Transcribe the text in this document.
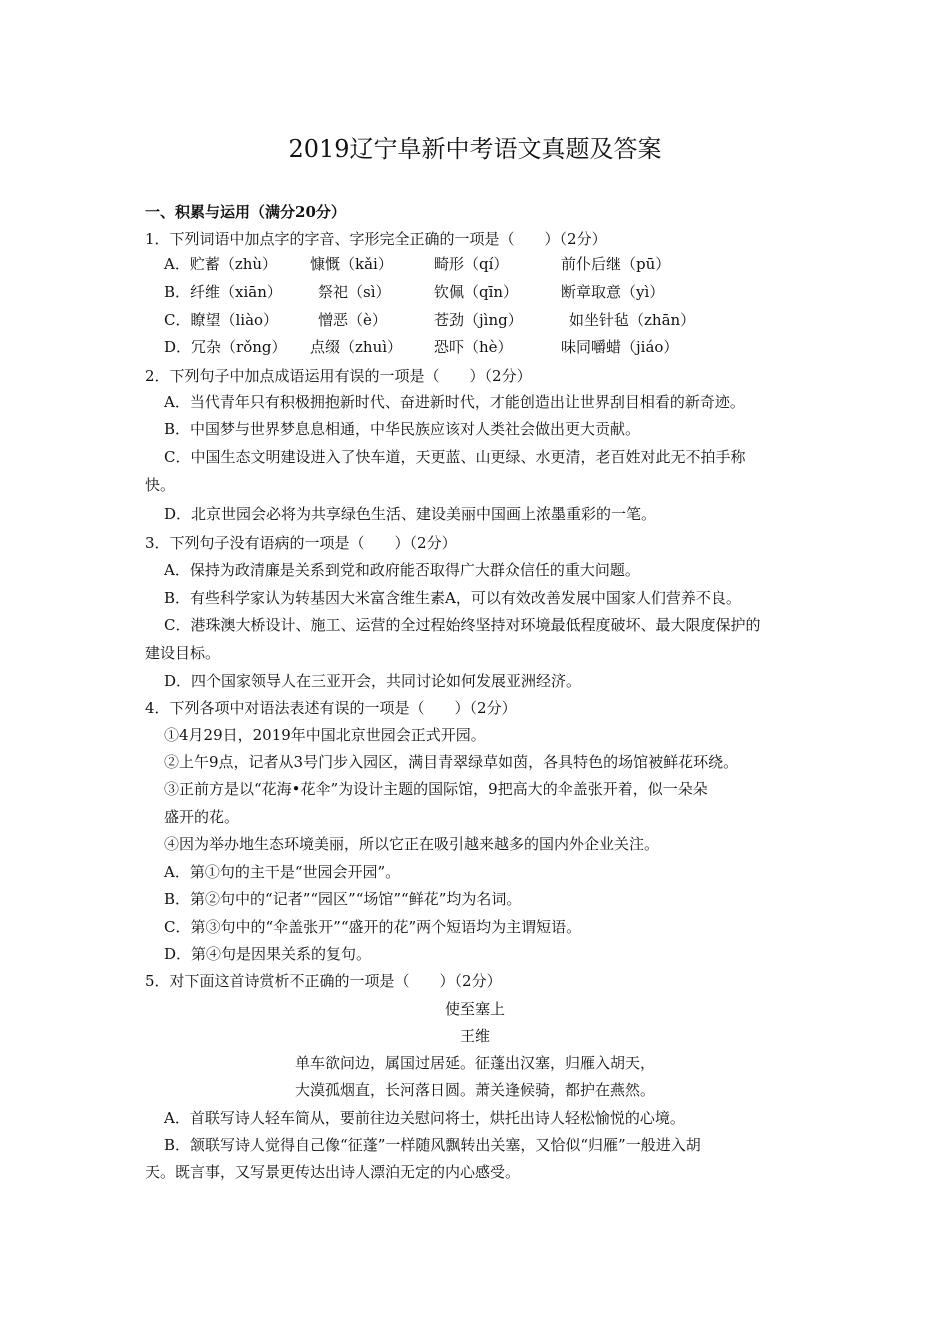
2019辽宁阜新中考语文真题及答案
一、积累与运用（满分20分）
1．下列词语中加点字的字音、字形完全正确的一项是（　　）（2分）
A．贮蓄（zhù） 慷慨（kǎi）	畸形（qí）	前仆后继（pū）
B．纤维（xiān） 祭祀（sì）	钦佩（qīn）	断章取意（yì）
C．瞭望（liào）	憎恶（è）	苍劲（jìng）	如坐针毡（zhān）
D．冗杂（rǒng） 点缀（zhuì） 恐吓（hè）	味同嚼蜡（jiáo）
2．下列句子中加点成语运用有误的一项是（　　）（2分）
A．当代青年只有积极拥抱新时代、奋进新时代，才能创造出让世界刮目相看的新奇迹。
B．中国梦与世界梦息息相通，中华民族应该对人类社会做出更大贡献。
C．中国生态文明建设进入了快车道，天更蓝、山更绿、水更清，老百姓对此无不拍手称
快。
D．北京世园会必将为共享绿色生活、建设美丽中国画上浓墨重彩的一笔。
3．下列句子没有语病的一项是（　　）（2分）
A．保持为政清廉是关系到党和政府能否取得广大群众信任的重大问题。
B．有些科学家认为转基因大米富含维生素A，可以有效改善发展中国家人们营养不良。
C．港珠澳大桥设计、施工、运营的全过程始终坚持对环境最低程度破坏、最大限度保护的
建设目标。
D．四个国家领导人在三亚开会，共同讨论如何发展亚洲经济。
4．下列各项中对语法表述有误的一项是（　　）（2分）
①4月29日，2019年中国北京世园会正式开园。
②上午9点，记者从3号门步入园区，满目青翠绿草如茵，各具特色的场馆被鲜花环绕。
③正前方是以“花海•花伞”为设计主题的国际馆，9把高大的伞盖张开着，似一朵朵
盛开的花。
④因为举办地生态环境美丽，所以它正在吸引越来越多的国内外企业关注。
A．第①句的主干是“世园会开园”。
B．第②句中的“记者”“园区”“场馆”“鲜花”均为名词。
C．第③句中的“伞盖张开”“盛开的花”两个短语均为主谓短语。
D．第④句是因果关系的复句。
5．对下面这首诗赏析不正确的一项是（　　）（2分）
使至塞上
王维
单车欲问边，属国过居延。征蓬出汉塞，归雁入胡天，
大漠孤烟直，长河落日圆。萧关逢候骑，都护在燕然。
A．首联写诗人轻车简从，要前往边关慰问将士，烘托出诗人轻松愉悦的心境。
B．颔联写诗人觉得自己像“征蓬”一样随风飘转出关塞，又恰似“归雁”一般进入胡
天。既言事，又写景更传达出诗人漂泊无定的内心感受。
